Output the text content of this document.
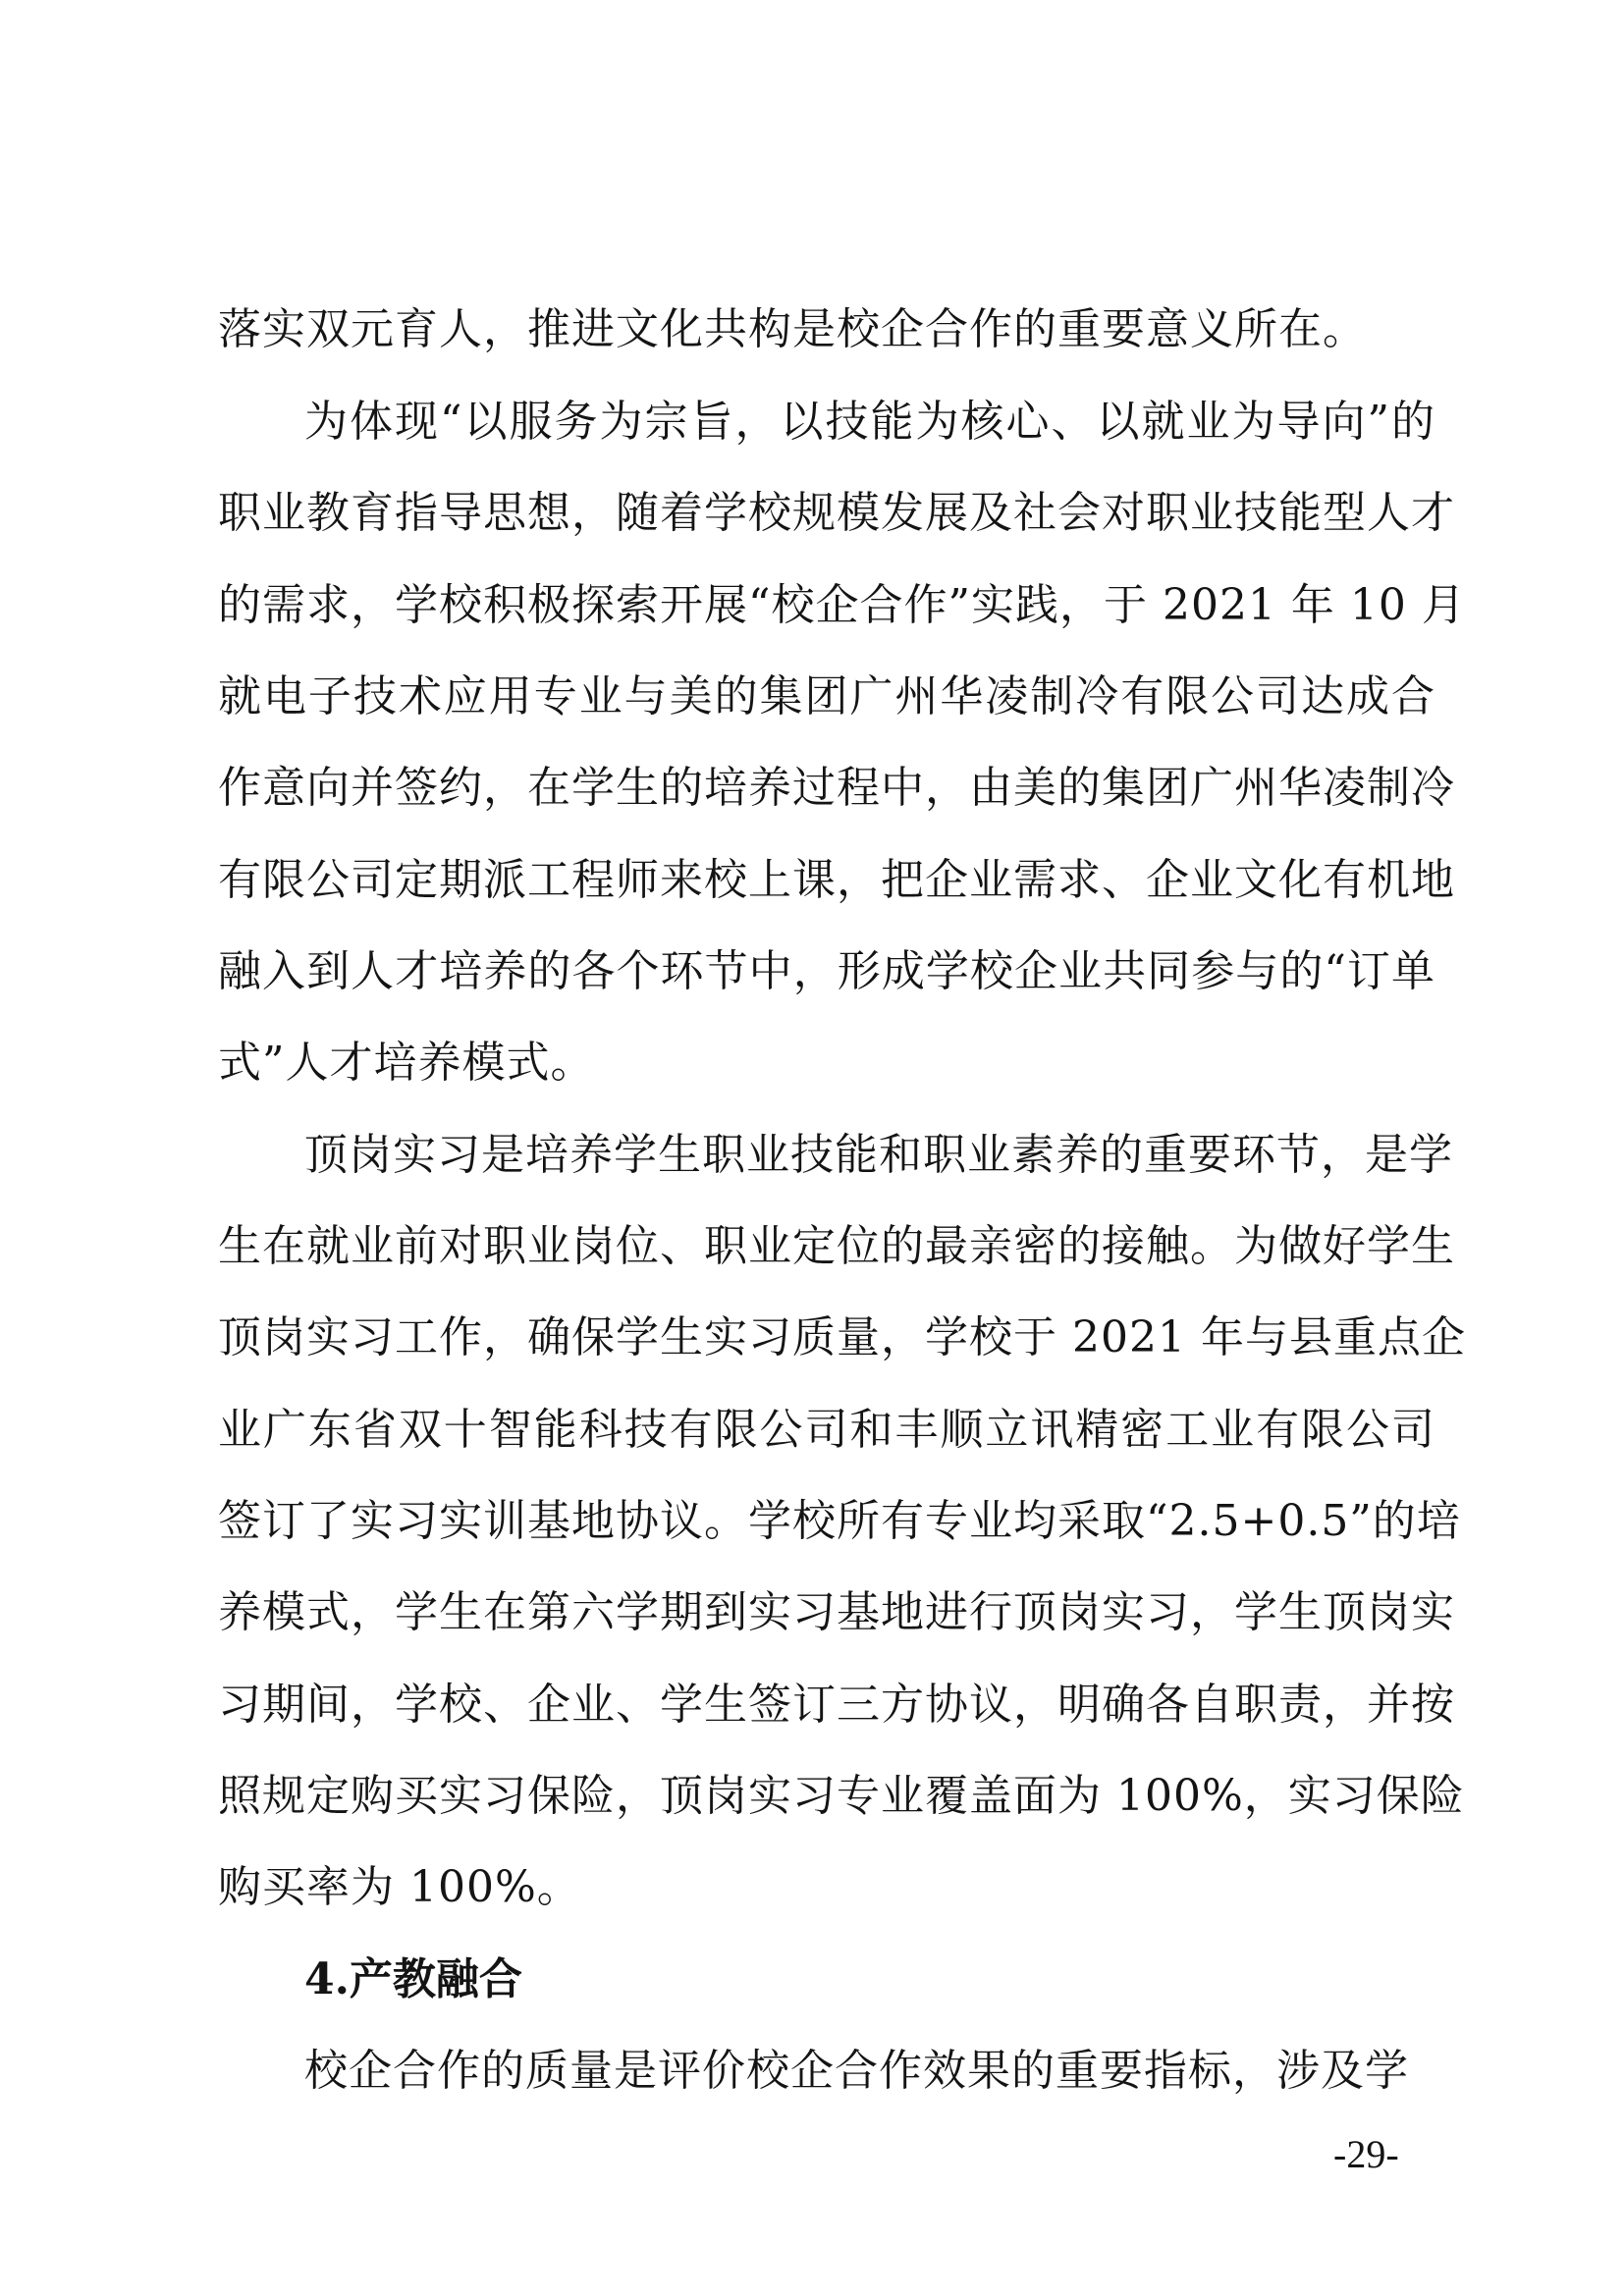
落实双元育人，推进文化共构是校企合作的重要意义所在。
为体现“以服务为宗旨，以技能为核心、以就业为导向”的
职业教育指导思想，随着学校规模发展及社会对职业技能型人才
的需求，学校积极探索开展“校企合作”实践，于 2021 年 10 月
就电子技术应用专业与美的集团广州华凌制冷有限公司达成合
作意向并签约，在学生的培养过程中，由美的集团广州华凌制冷
有限公司定期派工程师来校上课，把企业需求、企业文化有机地
融入到人才培养的各个环节中，形成学校企业共同参与的“订单
式”人才培养模式。
顶岗实习是培养学生职业技能和职业素养的重要环节，是学
生在就业前对职业岗位、职业定位的最亲密的接触。为做好学生
顶岗实习工作，确保学生实习质量，学校于 2021 年与县重点企
业广东省双十智能科技有限公司和丰顺立讯精密工业有限公司
签订了实习实训基地协议。学校所有专业均采取“2.5+0.5”的培
养模式，学生在第六学期到实习基地进行顶岗实习，学生顶岗实
习期间，学校、企业、学生签订三方协议，明确各自职责，并按
照规定购买实习保险，顶岗实习专业覆盖面为 100%，实习保险
购买率为 100%。
4.产教融合
校企合作的质量是评价校企合作效果的重要指标，涉及学
-29-
